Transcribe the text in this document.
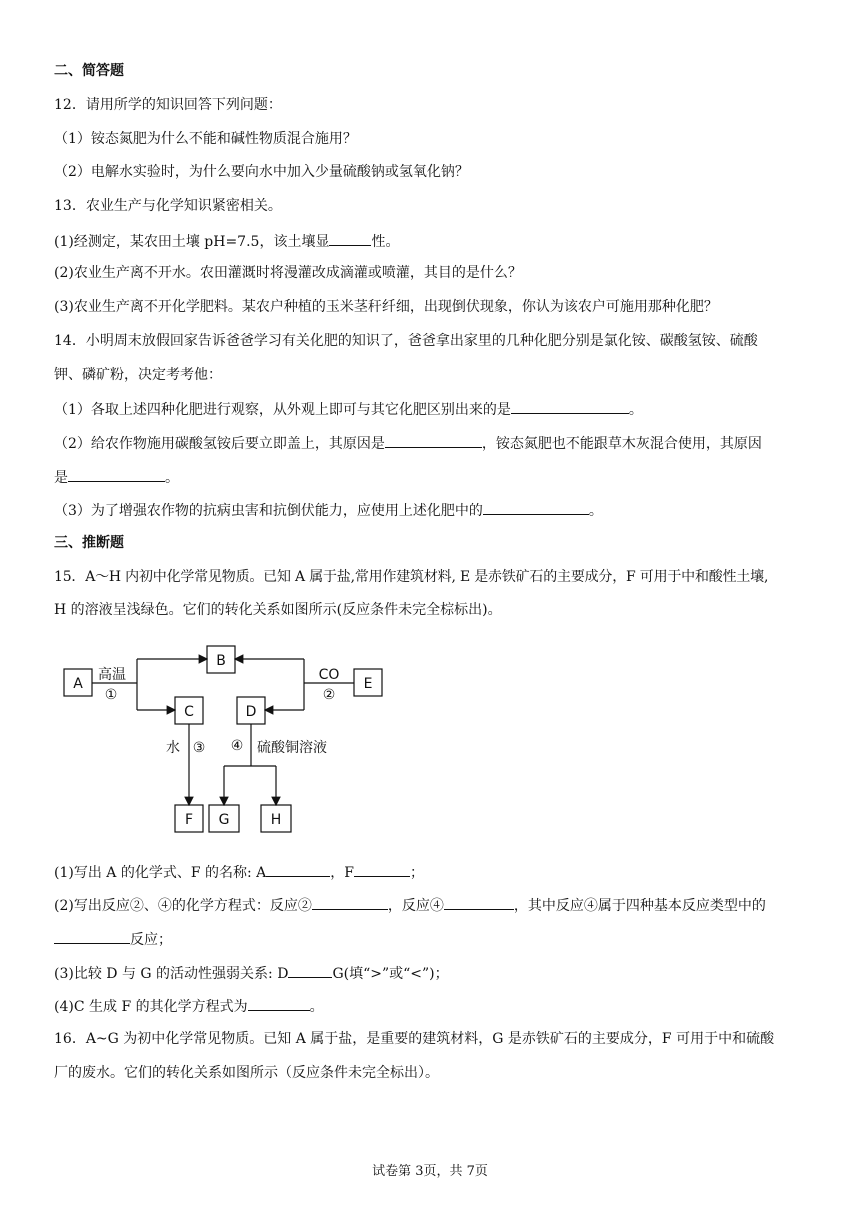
二、简答题
12．请用所学的知识回答下列问题：
（1）铵态氮肥为什么不能和碱性物质混合施用？
（2）电解水实验时，为什么要向水中加入少量硫酸钠或氢氧化钠？
13．农业生产与化学知识紧密相关。
(1)经测定，某农田土壤 pH=7.5，该土壤显	性。
(2)农业生产离不开水。农田灌溉时将漫灌改成滴灌或喷灌，其目的是什么？
(3)农业生产离不开化学肥料。某农户种植的玉米茎秆纤细，出现倒伏现象，你认为该农户可施用那种化肥？
14．小明周末放假回家告诉爸爸学习有关化肥的知识了，爸爸拿出家里的几种化肥分别是氯化铵、碳酸氢铵、硫酸
钾、磷矿粉，决定考考他：
（1）各取上述四种化肥进行观察，从外观上即可与其它化肥区别出来的是	。
（2）给农作物施用碳酸氢铵后要立即盖上，其原因是	，铵态氮肥也不能跟草木灰混合使用，其原因
是	。
（3）为了增强农作物的抗病虫害和抗倒伏能力，应使用上述化肥中的	。
三、推断题
15．A～H 内初中化学常见物质。已知 A 属于盐,常用作建筑材料, E 是赤铁矿石的主要成分，F 可用于中和酸性土壤,
H 的溶液呈浅绿色。它们的转化关系如图所示(反应条件未完全棕标出)。
A
B
C	D
E
F G	H
高温
①
CO
②
水 ③ ④ 硫酸铜溶液
(1)写出 A 的化学式、F 的名称: A	，F	；
(2)写出反应②、④的化学方程式：反应②	，反应④	，其中反应④属于四种基本反应类型中的
反应；
(3)比较 D 与 G 的活动性强弱关系: D	G(填“>”或“<”)；
(4)C 生成 F 的其化学方程式为	。
16．A~G 为初中化学常见物质。已知 A 属于盐，是重要的建筑材料，G 是赤铁矿石的主要成分，F 可用于中和硫酸
厂的废水。它们的转化关系如图所示（反应条件未完全标出）。
试卷第 3页，共 7页
